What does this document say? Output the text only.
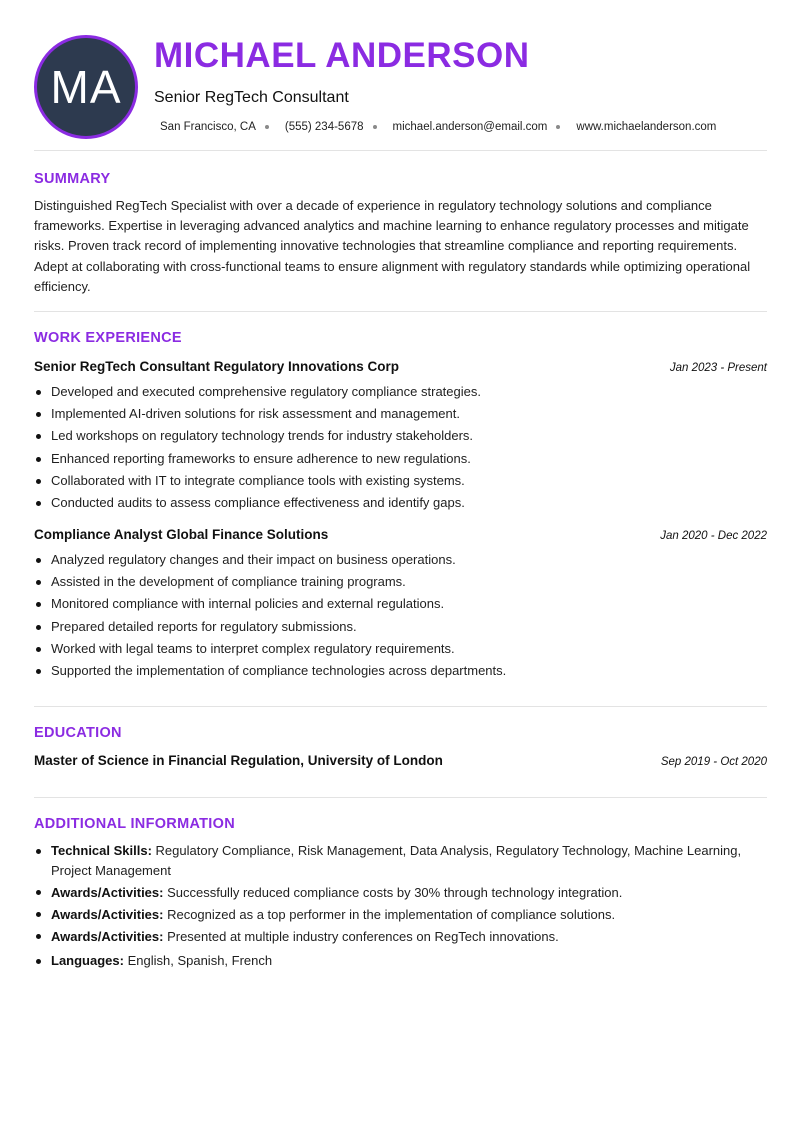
MA
MICHAEL ANDERSON
Senior RegTech Consultant
San Francisco, CA	(555) 234-5678	michael.anderson@email.com	www.michaelanderson.com
SUMMARY
Distinguished RegTech Specialist with over a decade of experience in regulatory technology solutions and compliance frameworks. Expertise in leveraging advanced analytics and machine learning to enhance regulatory processes and mitigate risks. Proven track record of implementing innovative technologies that streamline compliance and reporting requirements. Adept at collaborating with cross-functional teams to ensure alignment with regulatory standards while optimizing operational efficiency.
WORK EXPERIENCE
Senior RegTech Consultant Regulatory Innovations Corp	Jan 2023 - Present
Developed and executed comprehensive regulatory compliance strategies.
Implemented AI-driven solutions for risk assessment and management.
Led workshops on regulatory technology trends for industry stakeholders.
Enhanced reporting frameworks to ensure adherence to new regulations.
Collaborated with IT to integrate compliance tools with existing systems.
Conducted audits to assess compliance effectiveness and identify gaps.
Compliance Analyst Global Finance Solutions	Jan 2020 - Dec 2022
Analyzed regulatory changes and their impact on business operations.
Assisted in the development of compliance training programs.
Monitored compliance with internal policies and external regulations.
Prepared detailed reports for regulatory submissions.
Worked with legal teams to interpret complex regulatory requirements.
Supported the implementation of compliance technologies across departments.
EDUCATION
Master of Science in Financial Regulation, University of London	Sep 2019 - Oct 2020
ADDITIONAL INFORMATION
Technical Skills: Regulatory Compliance, Risk Management, Data Analysis, Regulatory Technology, Machine Learning, Project Management
Awards/Activities: Successfully reduced compliance costs by 30% through technology integration.
Awards/Activities: Recognized as a top performer in the implementation of compliance solutions.
Awards/Activities: Presented at multiple industry conferences on RegTech innovations.
Languages: English, Spanish, French
